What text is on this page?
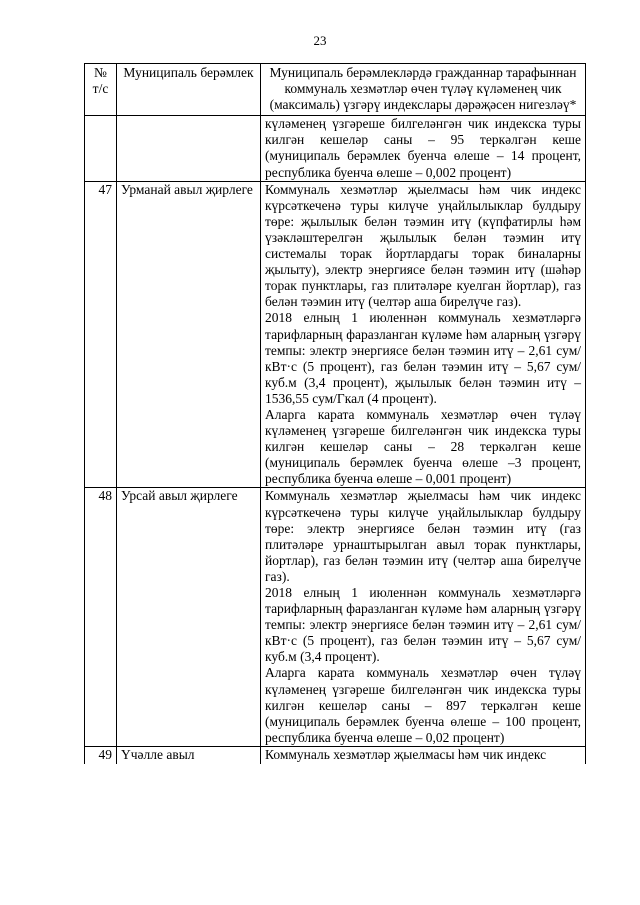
23
№ т/с	Муниципаль берәмлек	Муниципаль берәмлекләрдә гражданнар тарафыннан коммуналь хезмәтләр өчен түләү күләменең чик (максималь) үзгәрү индекслары дәрәҗәсен нигезләү*

		күләменең үзгәреше билгеләнгән чик индекска туры килгән кешеләр саны – 95 теркәлгән кеше (муниципаль берәмлек буенча өлеше – 14 процент, республика буенча өлеше – 0,002 процент)

47	Урманай авыл җирлеге	Коммуналь хезмәтләр җыелмасы һәм чик индекс күрсәткеченә туры килүче уңайлылыклар булдыру төре: җылылык белән тәэмин итү (күпфатирлы һәм үзәкләштерелгән җылылык белән тәэмин итү системалы торак йортлардагы торак биналарны җылыту), электр энергиясе белән тәэмин итү (шәһәр торак пунктлары, газ плитәләре куелган йортлар), газ белән тәэмин итү (челтәр аша бирелүче газ).

2018 елның 1 июленнән коммуналь хезмәтләргә тарифларның фаразланган күләме һәм аларның үзгәрү темпы: электр энергиясе белән тәэмин итү – 2,61 сум/кВт·с (5 процент), газ белән тәэмин итү – 5,67 сум/куб.м (3,4 процент), җылылык белән тәэмин итү – 1536,55 сум/Гкал (4 процент).

Аларга карата коммуналь хезмәтләр өчен түләү күләменең үзгәреше билгеләнгән чик индекска туры килгән кешеләр саны – 28 теркәлгән кеше (муниципаль берәмлек буенча өлеше –3 процент, республика буенча өлеше – 0,001 процент)

48	Урсай авыл җирлеге	Коммуналь хезмәтләр җыелмасы һәм чик индекс күрсәткеченә туры килүче уңайлылыклар булдыру төре: электр энергиясе белән тәэмин итү (газ плитәләре урнаштырылган авыл торак пунктлары, йортлар), газ белән тәэмин итү (челтәр аша бирелүче газ).

2018 елның 1 июленнән коммуналь хезмәтләргә тарифларның фаразланган күләме һәм аларның үзгәрү темпы: электр энергиясе белән тәэмин итү – 2,61 сум/кВт·с (5 процент), газ белән тәэмин итү – 5,67 сум/куб.м (3,4 процент).

Аларга карата коммуналь хезмәтләр өчен түләү күләменең үзгәреше билгеләнгән чик индекска туры килгән кешеләр саны – 897 теркәлгән кеше (муниципаль берәмлек буенча өлеше – 100 процент, республика буенча өлеше – 0,02 процент)

49	Үчәлле авыл	Коммуналь хезмәтләр җыелмасы һәм чик индекс
